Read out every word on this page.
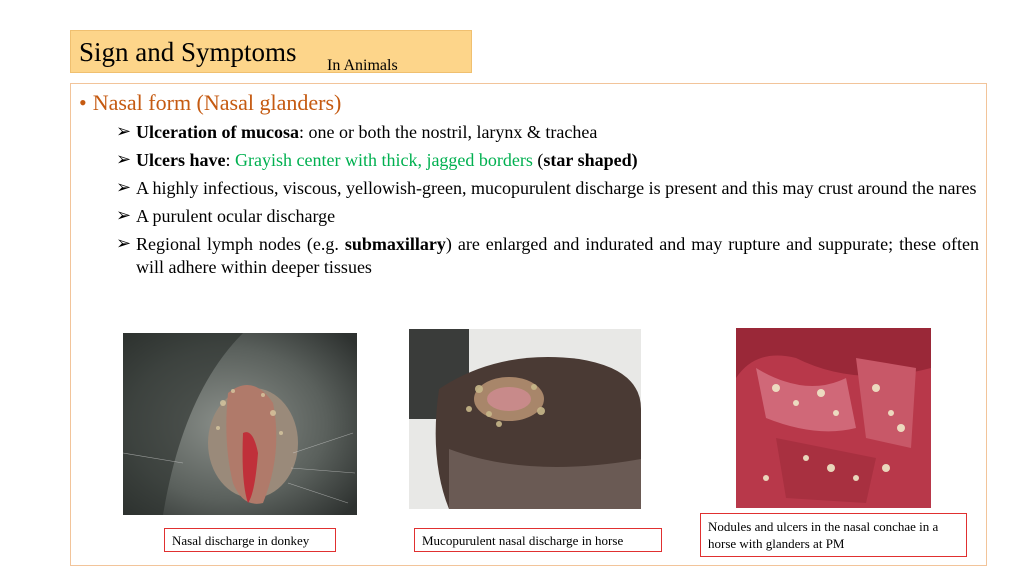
Sign and Symptoms In Animals
• Nasal form (Nasal glanders)
➢ Ulceration of mucosa: one or both the nostril, larynx & trachea
➢ Ulcers have: Grayish center with thick, jagged borders (star shaped)
➢ A highly infectious, viscous, yellowish-green, mucopurulent discharge is present and this may crust around the nares
➢ A purulent ocular discharge
➢ Regional lymph nodes (e.g. submaxillary) are enlarged and indurated and may rupture and suppurate; these often will adhere within deeper tissues
Nasal discharge in donkey	Mucopurulent nasal discharge in horse
Nodules and ulcers in the nasal conchae in a horse with glanders at PM
